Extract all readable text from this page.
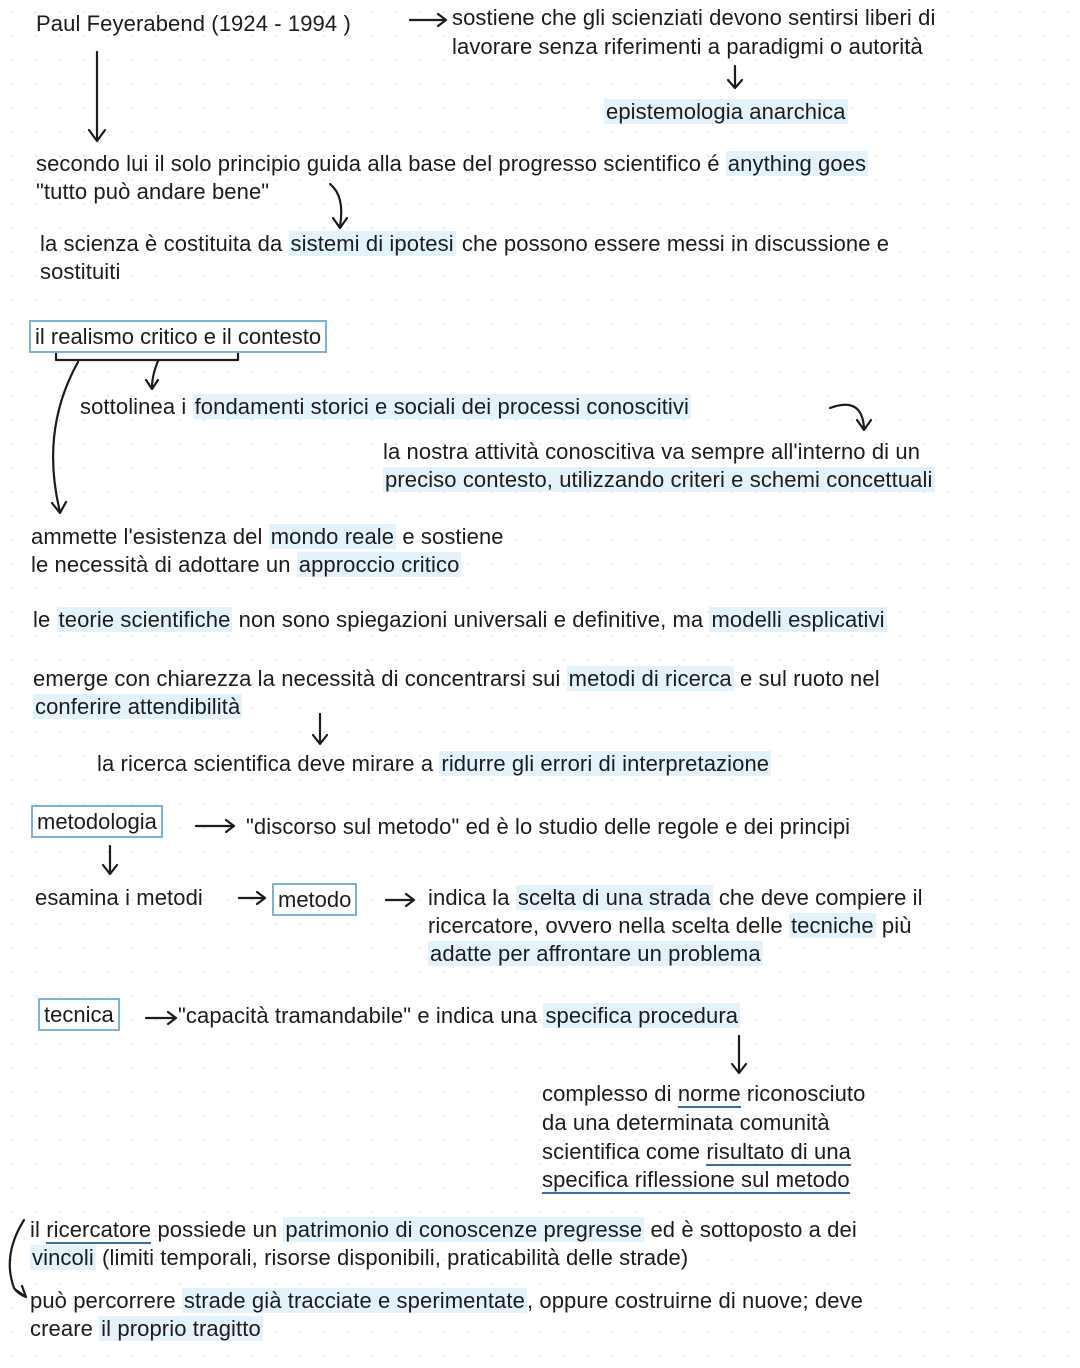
Paul Feyerabend (1924 - 1994 )	sostiene che gli scienziati devono sentirsi liberi di
lavorare senza riferimenti a paradigmi o autorità
epistemologia anarchica
secondo lui il solo principio guida alla base del progresso scientifico é anything goes
"tutto può andare bene"
la scienza è costituita da sistemi di ipotesi che possono essere messi in discussione e
sostituiti
il realismo critico e il contesto
sottolinea i fondamenti storici e sociali dei processi conoscitivi
la nostra attività conoscitiva va sempre all'interno di un
preciso contesto, utilizzando criteri e schemi concettuali
ammette l'esistenza del mondo reale e sostiene
le necessità di adottare un approccio critico
le teorie scientifiche non sono spiegazioni universali e definitive, ma modelli esplicativi
emerge con chiarezza la necessità di concentrarsi sui metodi di ricerca e sul ruoto nel
conferire attendibilità
la ricerca scientifica deve mirare a ridurre gli errori di interpretazione
metodologia	"discorso sul metodo" ed è lo studio delle regole e dei principi
esamina i metodi	metodo	indica la scelta di una strada che deve compiere il
ricercatore, ovvero nella scelta delle tecniche più
adatte per affrontare un problema
tecnica	"capacità tramandabile" e indica una specifica procedura
complesso di norme riconosciuto
da una determinata comunità
scientifica come risultato di una
specifica riflessione sul metodo
il ricercatore possiede un patrimonio di conoscenze pregresse ed è sottoposto a dei
vincoli (limiti temporali, risorse disponibili, praticabilità delle strade)
può percorrere strade già tracciate e sperimentate, oppure costruirne di nuove; deve
creare il proprio tragitto
